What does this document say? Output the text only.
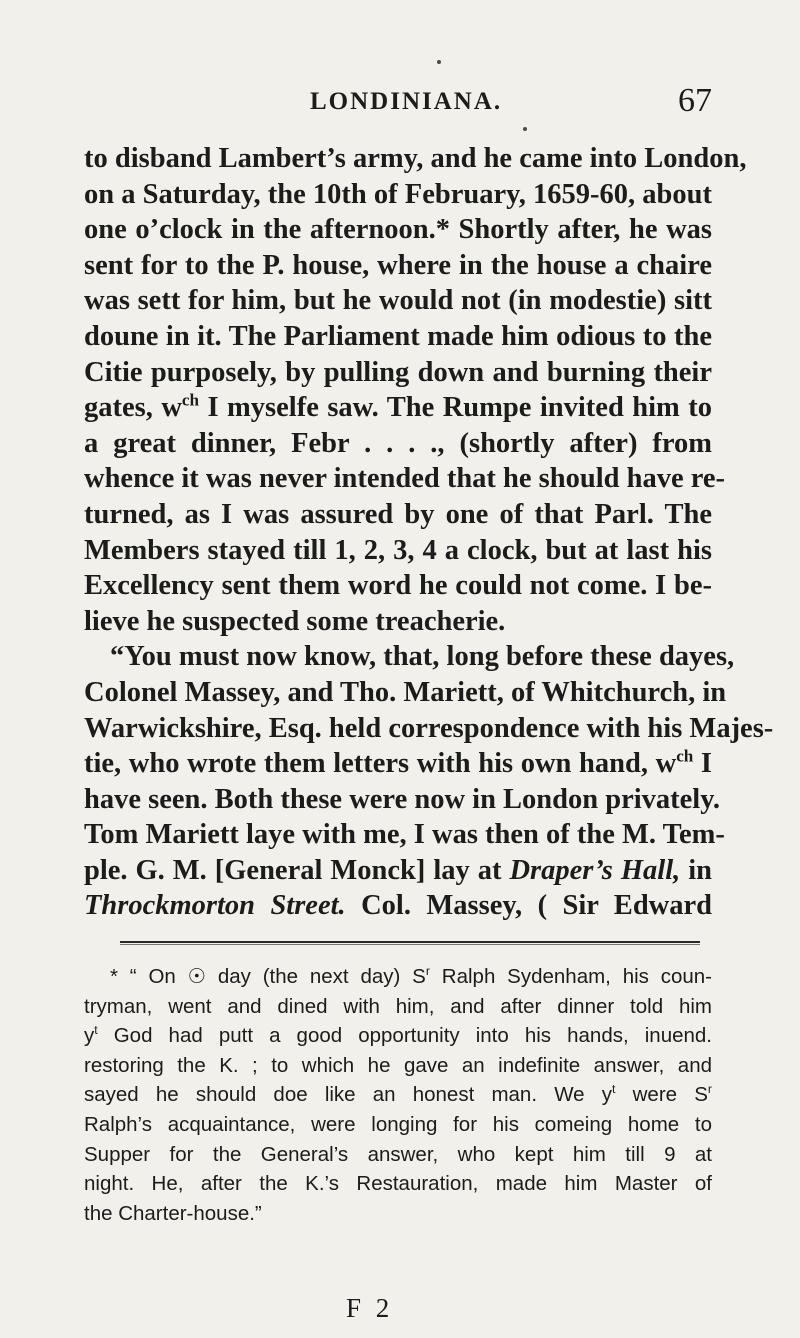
LONDINIANA.	67

to disband Lambert’s army, and he came into London,
on a Saturday, the 10th of February, 1659-60, about
one o’clock in the afternoon.* Shortly after, he was
sent for to the P. house, where in the house a chaire
was sett for him, but he would not (in modestie) sitt
doune in it. The Parliament made him odious to the
Citie purposely, by pulling down and burning their
gates, $w^{ch}$ I myselfe saw. The Rumpe invited him to
a great dinner, Febr . . . ., (shortly after) from
whence it was never intended that he should have re-
turned, as I was assured by one of that Parl. The
Members stayed till 1, 2, 3, 4 a clock, but at last his
Excellency sent them word he could not come. I be-
lieve he suspected some treacherie.

“You must now know, that, long before these dayes,
Colonel Massey, and Tho. Mariett, of Whitchurch, in
Warwickshire, Esq. held correspondence with his Majes-
tie, who wrote them letters with his own hand, $w^{ch}$ I
have seen. Both these were now in London privately.
Tom Mariett laye with me, I was then of the M. Tem-
ple. G. M. [General Monck] lay at Draper’s Hall, in
Throckmorton Street. Col. Massey, ( Sir Edward

* “ On ☉ day (the next day) $S^r$ Ralph Sydenham, his coun-
tryman, went and dined with him, and after dinner told him
$y^t$ God had putt a good opportunity into his hands, inuend.
restoring the K. ; to which he gave an indefinite answer, and
sayed he should doe like an honest man. We $y^t$ were $S^r$
Ralph’s acquaintance, were longing for his comeing home to
Supper for the General’s answer, who kept him till 9 at
night. He, after the K.’s Restauration, made him Master of
the Charter-house.”
F 2
